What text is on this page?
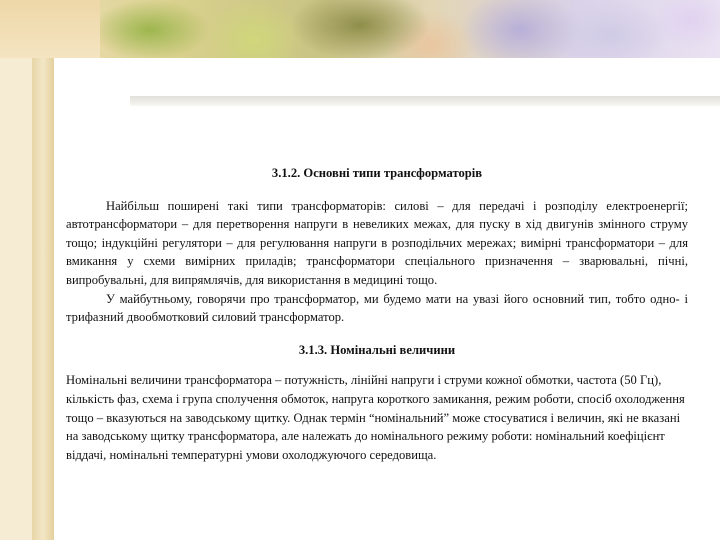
3.1.2. Основні типи трансформаторів

Найбільш поширені такі типи трансформаторів: силові – для передачі і розподілу електроенергії; автотрансформатори – для перетворення напруги в невеликих межах, для пуску в хід двигунів змінного струму тощо; індукційні регулятори – для регулювання напруги в розподільчих мережах; вимірні трансформатори – для вмикання у схеми вимірних приладів; трансформатори спеціального призначення – зварювальні, пічні, випробувальні, для випрямлячів, для використання в медицині тощо.

У майбутньому, говорячи про трансформатор, ми будемо мати на увазі його основний тип, тобто одно- і трифазний двообмотковий силовий трансформатор.

3.1.3. Номінальні величини

Номінальні величини трансформатора – потужність, лінійні напруги і струми кожної обмотки, частота (50 Гц), кількість фаз, схема і група сполучення обмоток, напруга короткого замикання, режим роботи, спосіб охолодження тощо – вказуються на заводському щитку. Однак термін “номінальний” може стосуватися і величин, які не вказані на заводському щитку трансформатора, але належать до номінального режиму роботи: номінальний коефіцієнт віддачі, номінальні температурні умови охолоджуючого середовища.
